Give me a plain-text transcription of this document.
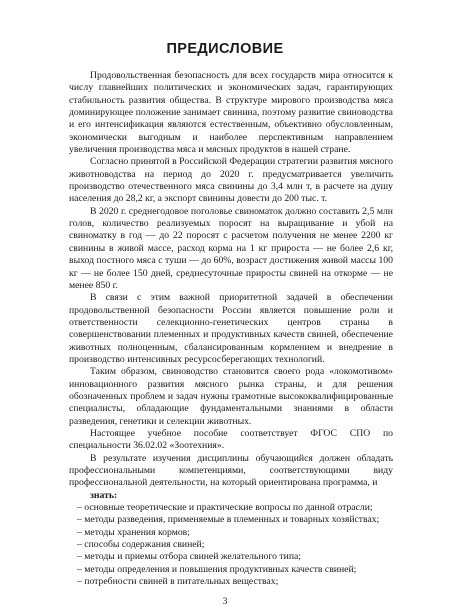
ПРЕДИСЛОВИЕ

Продовольственная безопасность для всех государств мира относится к числу главнейших политических и экономических задач, гарантирующих стабильность развития общества. В структуре мирового производства мяса доминирующее положение занимает свинина, поэтому развитие свиноводства и его интенсификация являются естественным, объективно обусловленным, экономически выгодным и наиболее перспективным направлением увеличения производства мяса и мясных продуктов в нашей стране.

Согласно принятой в Российской Федерации стратегии развития мясного животноводства на период до 2020 г. предусматривается увеличить производство отечественного мяса свинины до 3,4 млн т, в расчете на душу населения до 28,2 кг, а экспорт свинины довести до 200 тыс. т.

В 2020 г. среднегодовое поголовье свиноматок должно составить 2,5 млн голов, количество реализуемых поросят на выращивание и убой на свиноматку в год — до 22 поросят с расчетом получения не менее 2200 кг свинины в живой массе, расход корма на 1 кг прироста — не более 2,6 кг, выход постного мяса с туши — до 60%, возраст достижения живой массы 100 кг — не более 150 дней, среднесуточные приросты свиней на откорме — не менее 850 г.

В связи с этим важной приоритетной задачей в обеспечении продовольственной безопасности России является повышение роли и ответственности селекционно-генетических центров страны в совершенствовании племенных и продуктивных качеств свиней, обеспечение животных полноценным, сбалансированным кормлением и внедрение в производство интенсивных ресурсосберегающих технологий.

Таким образом, свиноводство становится своего рода «локомотивом» инновационного развития мясного рынка страны, и для решения обозначенных проблем и задач нужны грамотные высококвалифицированные специалисты, обладающие фундаментальными знаниями в области разведения, генетики и селекции животных.

Настоящее учебное пособие соответствует ФГОС СПО по специальности 36.02.02 «Зоотехния».

В результате изучения дисциплины обучающийся должен обладать профессиональными компетенциями, соответствующими виду профессиональной деятельности, на который ориентирована программа, и

знать:

– основные теоретические и практические вопросы по данной отрасли;
– методы разведения, применяемые в племенных и товарных хозяйствах;
– методы хранения кормов;
– способы содержания свиней;
– методы и приемы отбора свиней желательного типа;
– методы определения и повышения продуктивных качеств свиней;
– потребности свиней в питательных веществах;
3
